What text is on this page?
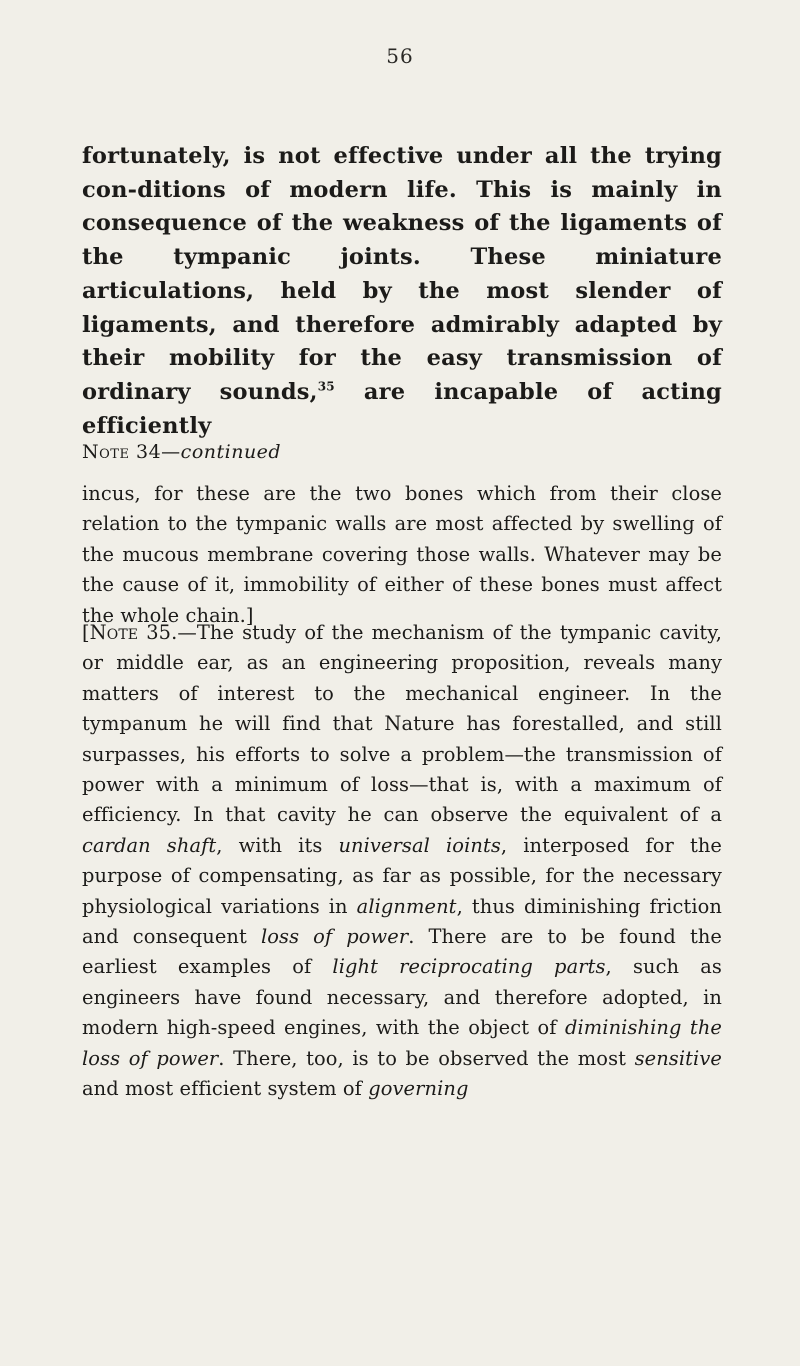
56

fortunately, is not effective under all the trying con-ditions of modern life. This is mainly in consequence of the weakness of the ligaments of the tympanic joints. These miniature articulations, held by the most slender of ligaments, and therefore admirably adapted by their mobility for the easy transmission of ordinary sounds,$^{35}$ are incapable of acting efficiently

Note 34—continued

incus, for these are the two bones which from their close relation to the tympanic walls are most affected by swelling of the mucous membrane covering those walls. Whatever may be the cause of it, immobility of either of these bones must affect the whole chain.]

[Note 35.—The study of the mechanism of the tympanic cavity, or middle ear, as an engineering proposition, reveals many matters of interest to the mechanical engineer. In the tympanum he will find that Nature has forestalled, and still surpasses, his efforts to solve a problem—the transmission of power with a minimum of loss—that is, with a maximum of efficiency. In that cavity he can observe the equivalent of a cardan shaft, with its universal ioints, interposed for the purpose of compensating, as far as possible, for the necessary physiological variations in alignment, thus diminishing friction and consequent loss of power. There are to be found the earliest examples of light reciprocating parts, such as engineers have found necessary, and therefore adopted, in modern high-speed engines, with the object of diminishing the loss of power. There, too, is to be observed the most sensitive and most efficient system of governing
